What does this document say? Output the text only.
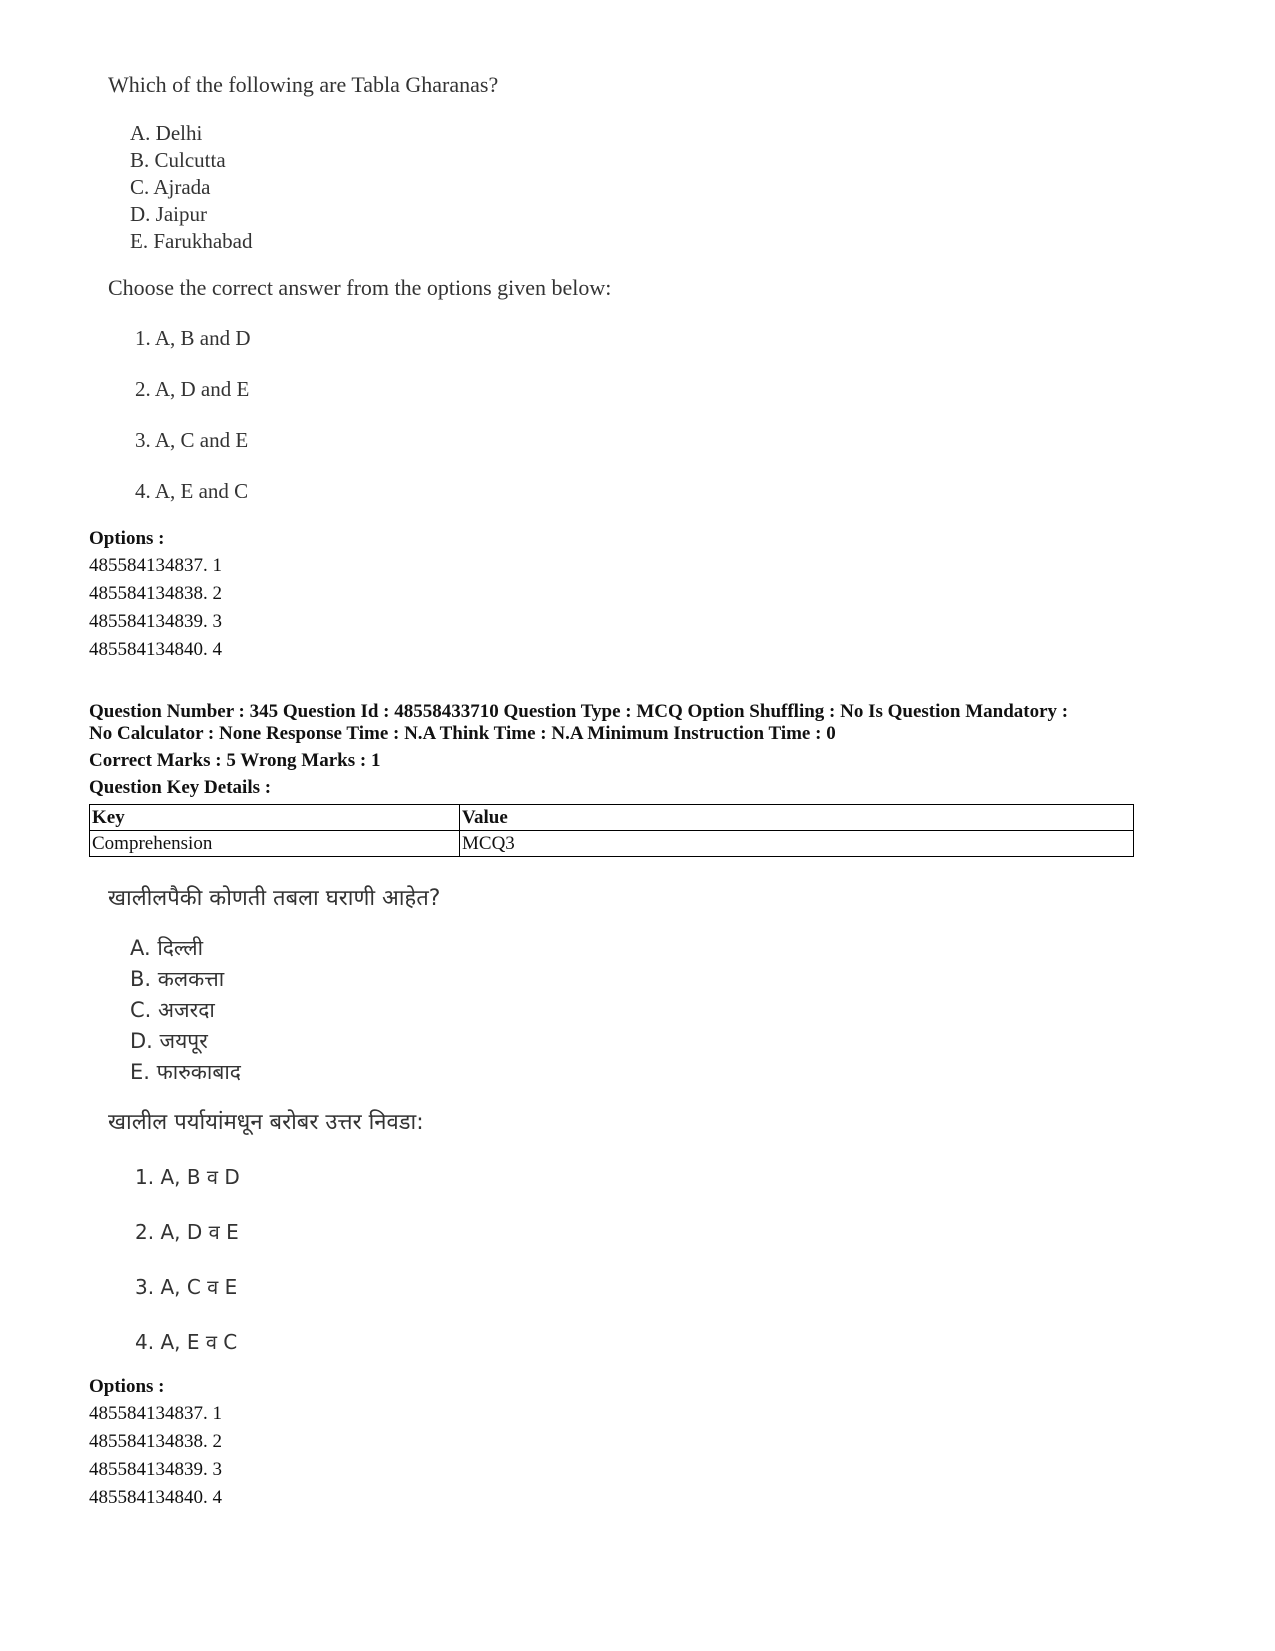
Which of the following are Tabla Gharanas?
A. Delhi
B. Culcutta
C. Ajrada
D. Jaipur
E. Farukhabad
Choose the correct answer from the options given below:
1. A, B and D
2. A, D and E
3. A, C and E
4. A, E and C
Options :
485584134837. 1
485584134838. 2
485584134839. 3
485584134840. 4
Question Number : 345 Question Id : 48558433710 Question Type : MCQ Option Shuffling : No Is Question Mandatory :
No Calculator : None Response Time : N.A Think Time : N.A Minimum Instruction Time : 0
Correct Marks : 5 Wrong Marks : 1
Question Key Details :
Key	Value
Comprehension	MCQ3
खालीलपैकी कोणती तबला घराणी आहेत?
A. दिल्ली
B. कलकत्ता
C. अजरदा
D. जयपूर
E. फारुकाबाद
खालील पर्यायांमधून बरोबर उत्तर निवडा:
1. A, B व D
2. A, D व E
3. A, C व E
4. A, E व C
Options :
485584134837. 1
485584134838. 2
485584134839. 3
485584134840. 4
